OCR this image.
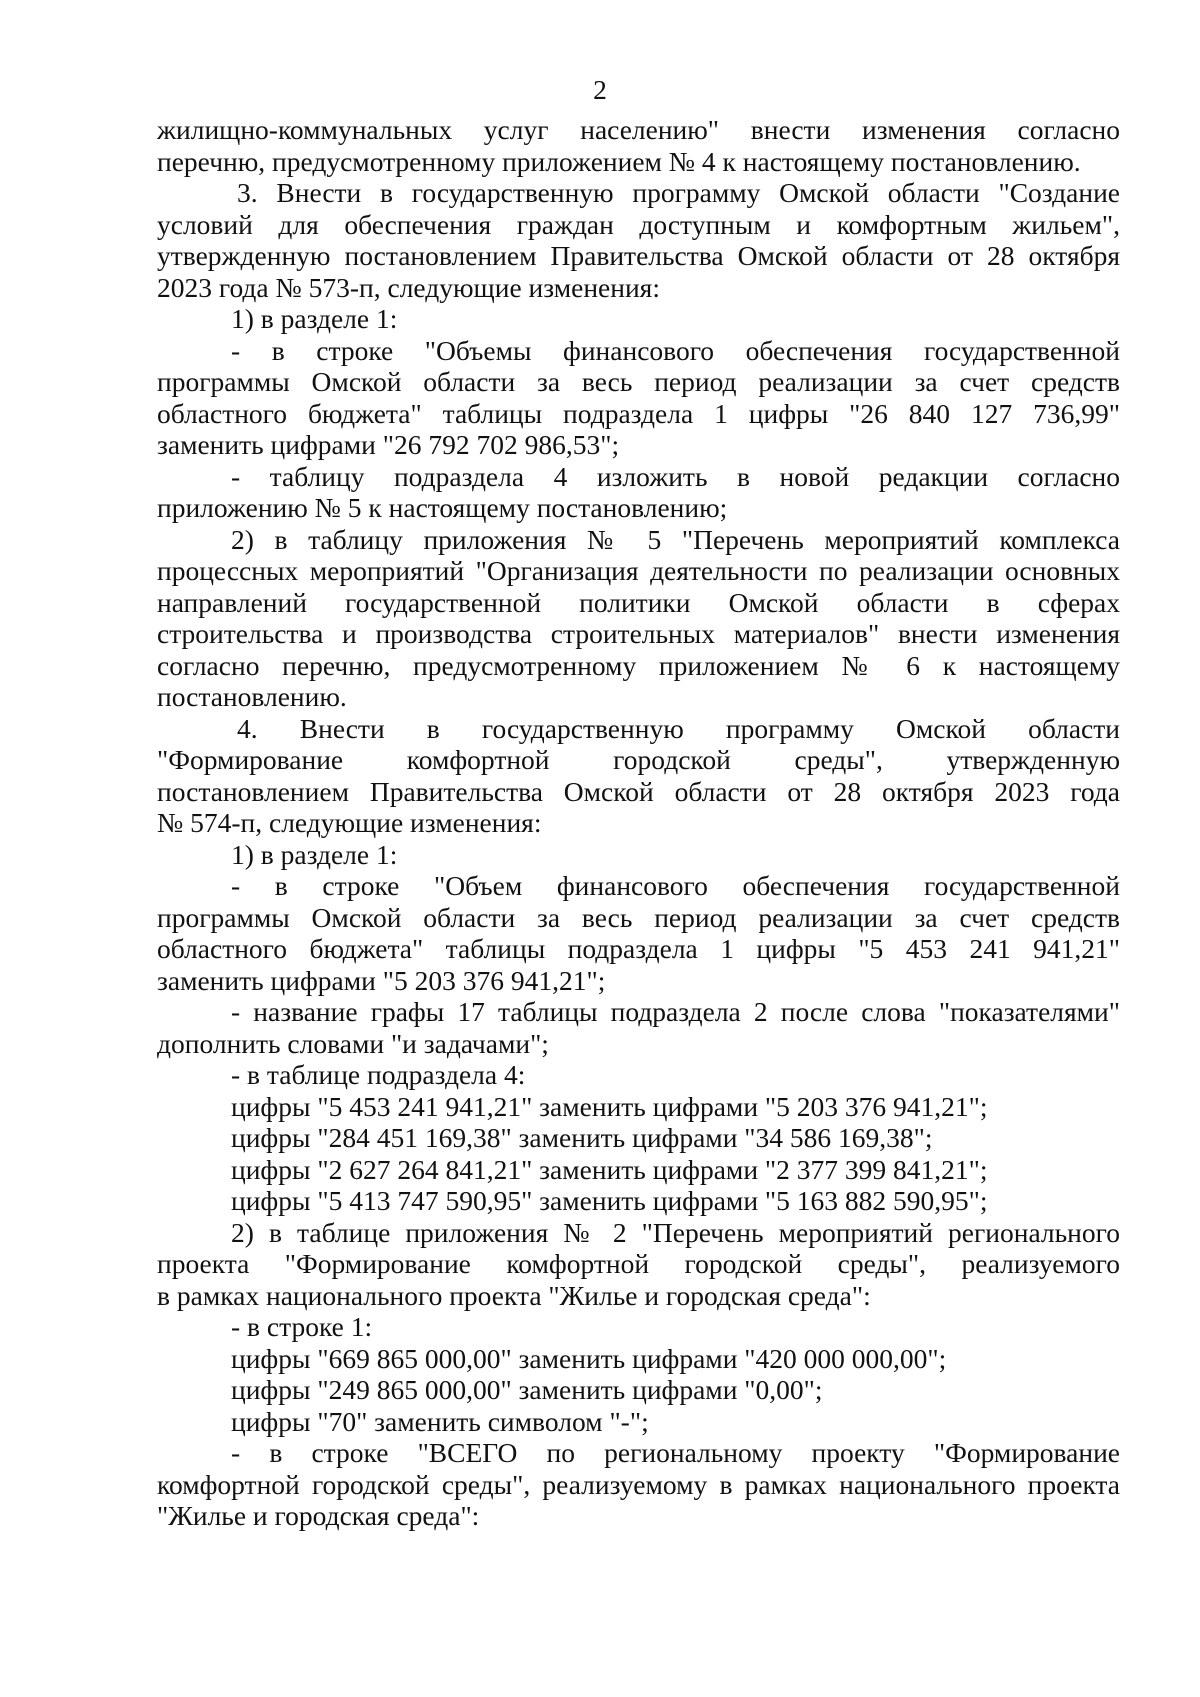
2
жилищно-коммунальных услуг населению" внести изменения согласно
перечню, предусмотренному приложением № 4 к настоящему постановлению.
3. Внести в государственную программу Омской области "Создание
условий для обеспечения граждан доступным и комфортным жильем",
утвержденную постановлением Правительства Омской области от 28 октября
2023 года № 573-п, следующие изменения:
1) в разделе 1:
- в строке "Объемы финансового обеспечения государственной
программы Омской области за весь период реализации за счет средств
областного бюджета" таблицы подраздела 1 цифры "26 840 127 736,99"
заменить цифрами "26 792 702 986,53";
- таблицу подраздела 4 изложить в новой редакции согласно
приложению № 5 к настоящему постановлению;
2) в таблицу приложения № 5 "Перечень мероприятий комплекса
процессных мероприятий "Организация деятельности по реализации основных
направлений государственной политики Омской области в сферах
строительства и производства строительных материалов" внести изменения
согласно перечню, предусмотренному приложением № 6 к настоящему
постановлению.
4. Внести в государственную программу Омской области
"Формирование комфортной городской среды", утвержденную
постановлением Правительства Омской области от 28 октября 2023 года
№ 574-п, следующие изменения:
1) в разделе 1:
- в строке "Объем финансового обеспечения государственной
программы Омской области за весь период реализации за счет средств
областного бюджета" таблицы подраздела 1 цифры "5 453 241 941,21"
заменить цифрами "5 203 376 941,21";
- название графы 17 таблицы подраздела 2 после слова "показателями"
дополнить словами "и задачами";
- в таблице подраздела 4:
цифры "5 453 241 941,21" заменить цифрами "5 203 376 941,21";
цифры "284 451 169,38" заменить цифрами "34 586 169,38";
цифры "2 627 264 841,21" заменить цифрами "2 377 399 841,21";
цифры "5 413 747 590,95" заменить цифрами "5 163 882 590,95";
2) в таблице приложения № 2 "Перечень мероприятий регионального
проекта "Формирование комфортной городской среды", реализуемого
в рамках национального проекта "Жилье и городская среда":
- в строке 1:
цифры "669 865 000,00" заменить цифрами "420 000 000,00";
цифры "249 865 000,00" заменить цифрами "0,00";
цифры "70" заменить символом "-";
- в строке "ВСЕГО по региональному проекту "Формирование
комфортной городской среды", реализуемому в рамках национального проекта
"Жилье и городская среда":
